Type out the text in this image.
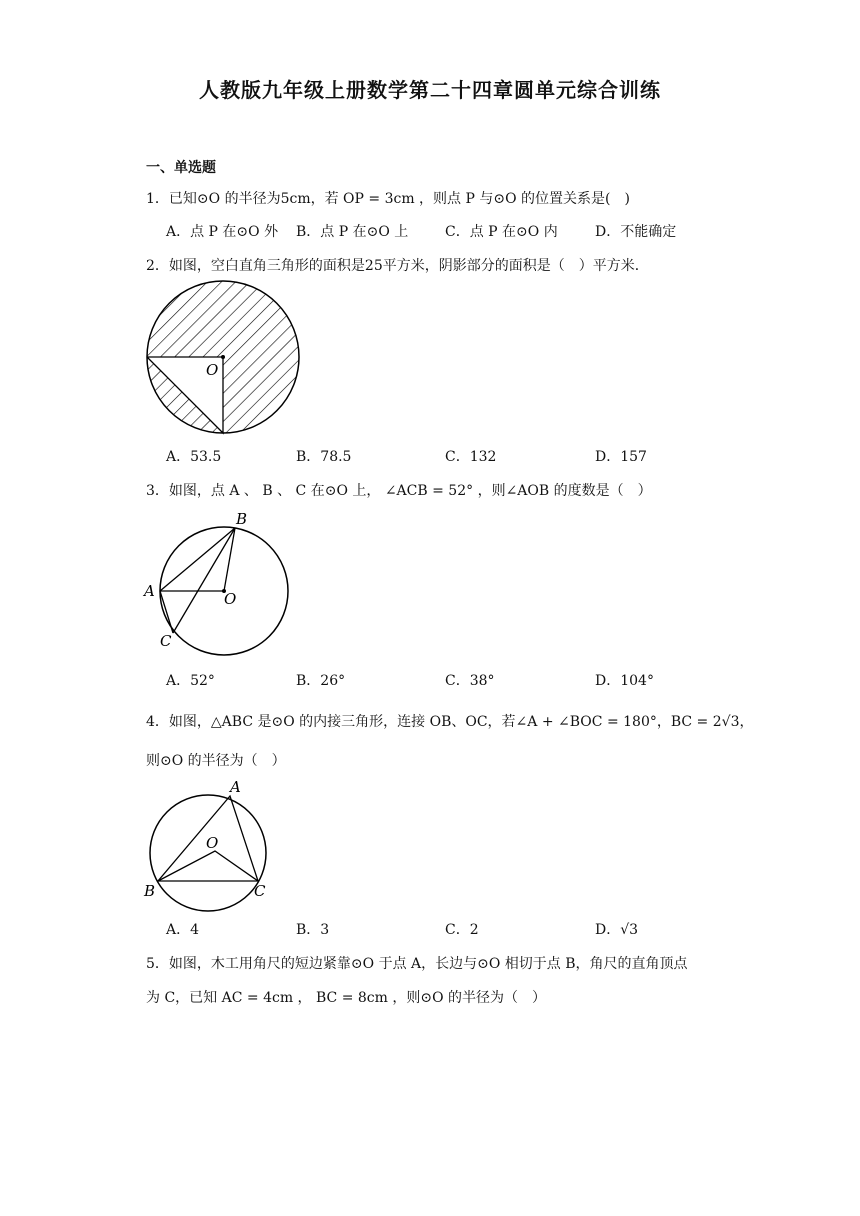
人教版九年级上册数学第二十四章圆单元综合训练
一、单选题
1．已知⊙O 的半径为5cm，若 OP = 3cm ，则点 P 与⊙O 的位置关系是(　)
A．点 P 在⊙O 外 B．点 P 在⊙O 上	C．点 P 在⊙O 内	D．不能确定
2．如图，空白直角三角形的面积是25平方米，阴影部分的面积是（　）平方米．
O
A．53.5	B．78.5	C．132	D．157
3．如图，点 A 、 B 、 C 在⊙O 上， ∠ACB = 52° ，则∠AOB 的度数是（　）
B
A	O
C
A．52°	B．26°	C．38°	D．104°
4．如图，△ABC 是⊙O 的内接三角形，连接 OB、OC，若∠A + ∠BOC = 180°，BC = 2√3，
则⊙O 的半径为（　）
A
O
B	C
A．4	B．3	C．2	D．√3
5．如图，木工用角尺的短边紧靠⊙O 于点 A，长边与⊙O 相切于点 B，角尺的直角顶点
为 C，已知 AC = 4cm ， BC = 8cm ，则⊙O 的半径为（　）
